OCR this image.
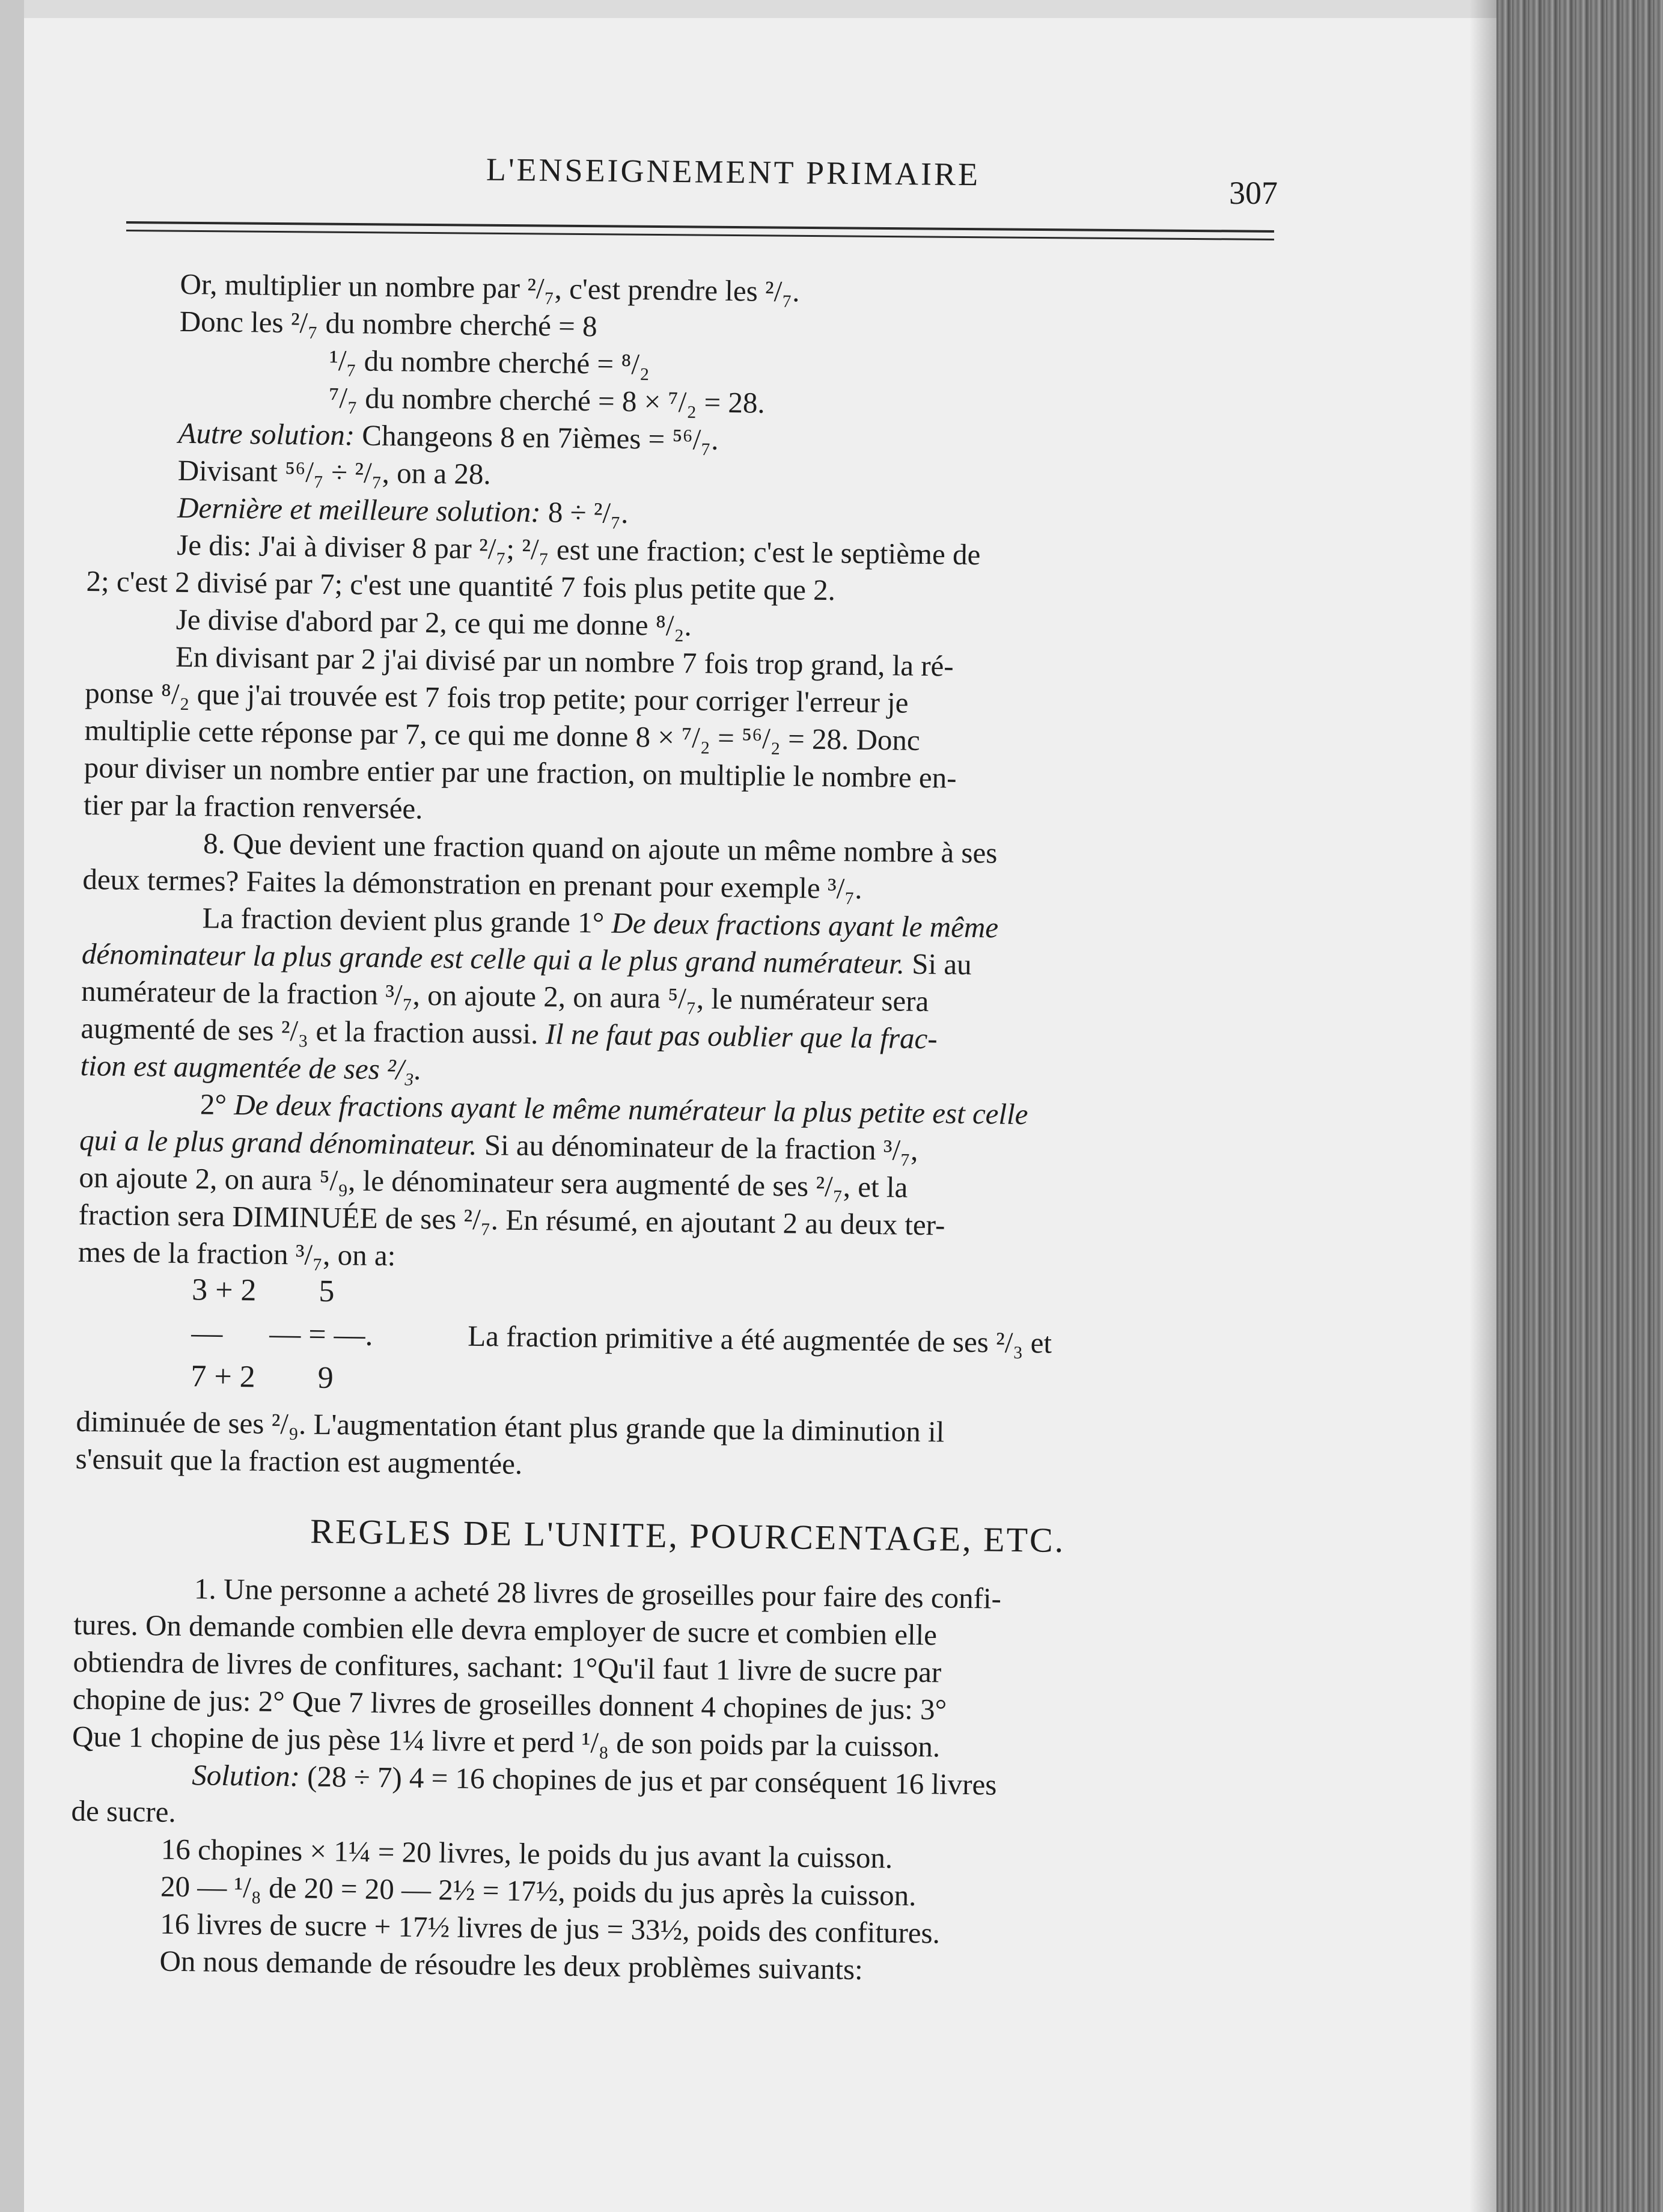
L'ENSEIGNEMENT PRIMAIRE
307
Or, multiplier un nombre par ²/₇, c'est prendre les ²/₇.
Donc les ²/₇ du nombre cherché = 8
¹/₇ du nombre cherché = ⁸/₂
⁷/₇ du nombre cherché = 8 × ⁷/₂ = 28.
Autre solution: Changeons 8 en 7ièmes = ⁵⁶/₇.
Divisant ⁵⁶/₇ ÷ ²/₇, on a 28.
Dernière et meilleure solution: 8 ÷ ²/₇.
Je dis: J'ai à diviser 8 par ²/₇; ²/₇ est une fraction; c'est le septième de
2; c'est 2 divisé par 7; c'est une quantité 7 fois plus petite que 2.
Je divise d'abord par 2, ce qui me donne ⁸/₂.
En divisant par 2 j'ai divisé par un nombre 7 fois trop grand, la ré-
ponse ⁸/₂ que j'ai trouvée est 7 fois trop petite; pour corriger l'erreur je
multiplie cette réponse par 7, ce qui me donne 8 × ⁷/₂ = ⁵⁶/₂ = 28. Donc
pour diviser un nombre entier par une fraction, on multiplie le nombre en-
tier par la fraction renversée.
8. Que devient une fraction quand on ajoute un même nombre à ses
deux termes? Faites la démonstration en prenant pour exemple ³/₇.
La fraction devient plus grande 1° De deux fractions ayant le même
dénominateur la plus grande est celle qui a le plus grand numérateur. Si au
numérateur de la fraction ³/₇, on ajoute 2, on aura ⁵/₇, le numérateur sera
augmenté de ses ²/₃ et la fraction aussi. Il ne faut pas oublier que la frac-
tion est augmentée de ses ²/₃.
2° De deux fractions ayant le même numérateur la plus petite est celle
qui a le plus grand dénominateur. Si au dénominateur de la fraction ³/₇,
on ajoute 2, on aura ⁵/₉, le dénominateur sera augmenté de ses ²/₇, et la
fraction sera DIMINUÉE de ses ²/₇. En résumé, en ajoutant 2 au deux ter-
mes de la fraction ³/₇, on a:
3 + 2        5
—      — = —.
7 + 2        9
La fraction primitive a été augmentée de ses ²/₃ et
diminuée de ses ²/₉. L'augmentation étant plus grande que la diminution il
s'ensuit que la fraction est augmentée.
REGLES DE L'UNITE, POURCENTAGE, ETC.
1. Une personne a acheté 28 livres de groseilles pour faire des confi-
tures. On demande combien elle devra employer de sucre et combien elle
obtiendra de livres de confitures, sachant: 1°Qu'il faut 1 livre de sucre par
chopine de jus: 2° Que 7 livres de groseilles donnent 4 chopines de jus: 3°
Que 1 chopine de jus pèse 1¼ livre et perd ¹/₈ de son poids par la cuisson.
Solution: (28 ÷ 7) 4 = 16 chopines de jus et par conséquent 16 livres
de sucre.
16 chopines × 1¼ = 20 livres, le poids du jus avant la cuisson.
20 — ¹/₈ de 20 = 20 — 2½ = 17½, poids du jus après la cuisson.
16 livres de sucre + 17½ livres de jus = 33½, poids des confitures.
On nous demande de résoudre les deux problèmes suivants:
